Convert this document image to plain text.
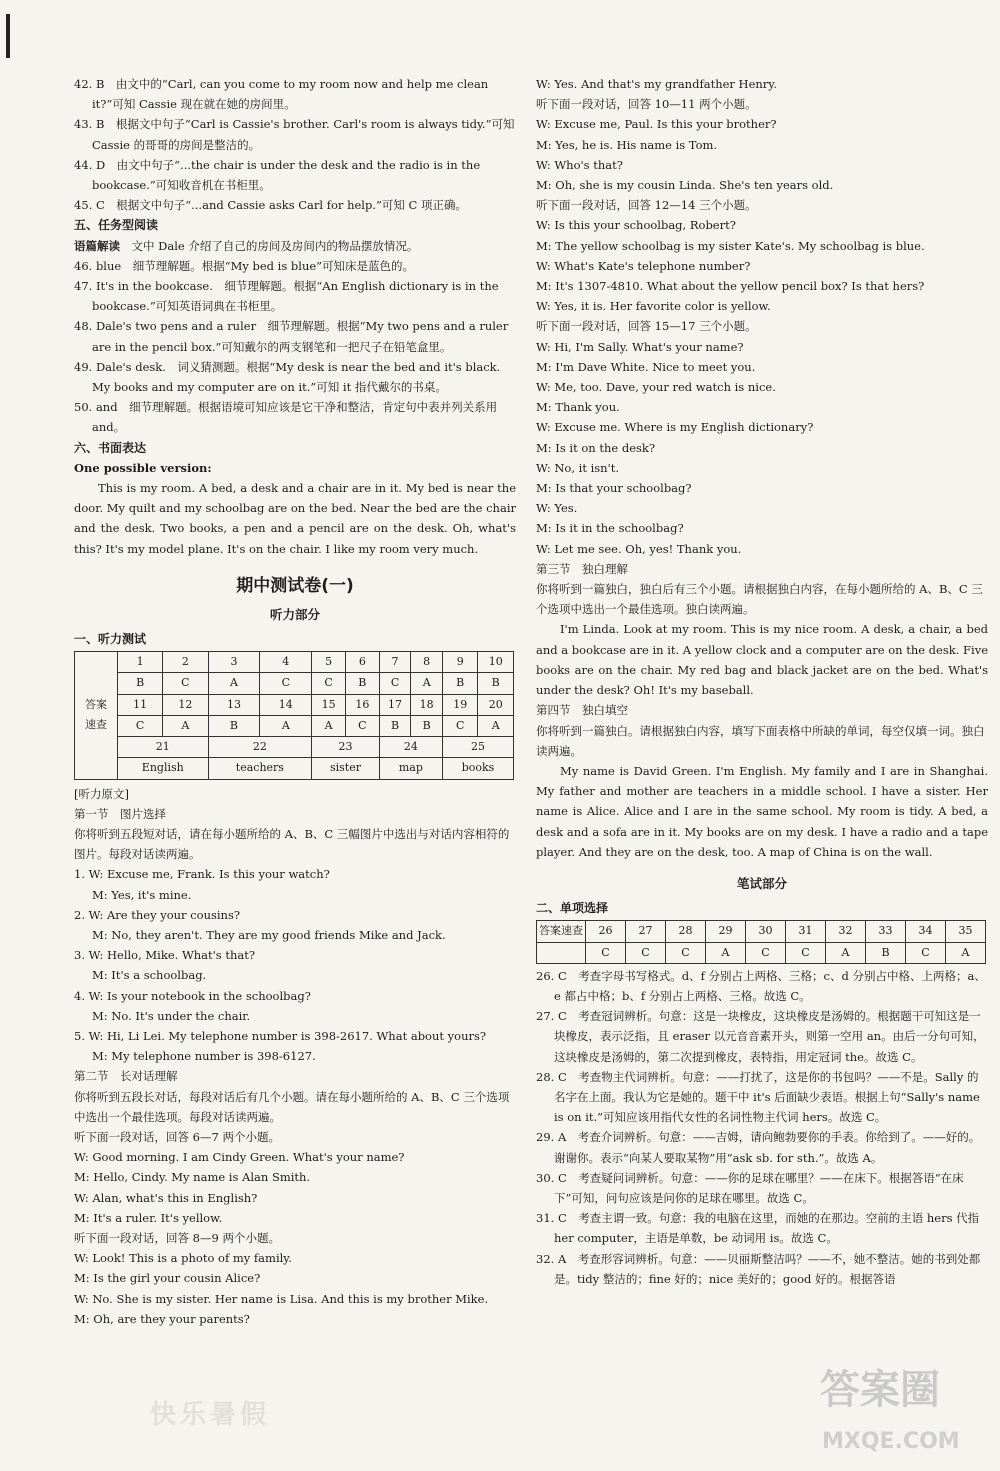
42. B　由文中的“Carl, can you come to my room now and help me clean it?”可知 Cassie 现在就在她的房间里。

43. B　根据文中句子“Carl is Cassie's brother. Carl's room is always tidy.”可知 Cassie 的哥哥的房间是整洁的。

44. D　由文中句子“...the chair is under the desk and the radio is in the bookcase.”可知收音机在书柜里。

45. C　根据文中句子“...and Cassie asks Carl for help.”可知 C 项正确。

五、任务型阅读

语篇解读　 文中 Dale 介绍了自己的房间及房间内的物品摆放情况。

46. blue　细节理解题。根据“My bed is blue”可知床是蓝色的。

47. It's in the bookcase.　细节理解题。根据“An English dictionary is in the bookcase.”可知英语词典在书柜里。

48. Dale's two pens and a ruler　细节理解题。根据“My two pens and a ruler are in the pencil box.”可知戴尔的两支钢笔和一把尺子在铅笔盒里。

49. Dale's desk.　词义猜测题。根据“My desk is near the bed and it's black. My books and my computer are on it.”可知 it 指代戴尔的书桌。

50. and　细节理解题。根据语境可知应该是它干净和整洁，肯定句中表并列关系用 and。

六、书面表达

One possible version:

This is my room. A bed, a desk and a chair are in it. My bed is near the door. My quilt and my schoolbag are on the bed. Near the bed are the chair and the desk. Two books, a pen and a pencil are on the desk. Oh, what's this? It's my model plane. It's on the chair. I like my room very much.

期中测试卷(一)
听力部分

一、听力测试

答案速查	1	2	3	4	5	6	7	8	9	10
	B	C	A	C	C	B	C	A	B	B
	11	12	13	14	15	16	17	18	19	20
	C	A	B	A	A	C	B	B	C	A
	21		22		23		24		25	
	English		teachers		sister		map		books	

[听力原文]

第一节　图片选择

你将听到五段短对话，请在每小题所给的 A、B、C 三幅图片中选出与对话内容相符的图片。每段对话读两遍。

1. W: Excuse me, Frank. Is this your watch?

M: Yes, it's mine.

2. W: Are they your cousins?

M: No, they aren't. They are my good friends Mike and Jack.

3. W: Hello, Mike. What's that?

M: It's a schoolbag.

4. W: Is your notebook in the schoolbag?

M: No. It's under the chair.

5. W: Hi, Li Lei. My telephone number is 398-2617. What about yours?

M: My telephone number is 398-6127.

第二节　长对话理解

你将听到五段长对话，每段对话后有几个小题。请在每小题所给的 A、B、C 三个选项中选出一个最佳选项。每段对话读两遍。

听下面一段对话，回答 6—7 两个小题。

W: Good morning. I am Cindy Green. What's your name?

M: Hello, Cindy. My name is Alan Smith.

W: Alan, what's this in English?

M: It's a ruler. It's yellow.

听下面一段对话，回答 8—9 两个小题。

W: Look! This is a photo of my family.

M: Is the girl your cousin Alice?

W: No. She is my sister. Her name is Lisa. And this is my brother Mike.

M: Oh, are they your parents?

W: Yes. And that's my grandfather Henry.

听下面一段对话，回答 10—11 两个小题。

W: Excuse me, Paul. Is this your brother?

M: Yes, he is. His name is Tom.

W: Who's that?

M: Oh, she is my cousin Linda. She's ten years old.

听下面一段对话，回答 12—14 三个小题。

W: Is this your schoolbag, Robert?

M: The yellow schoolbag is my sister Kate's. My schoolbag is blue.

W: What's Kate's telephone number?

M: It's 1307-4810. What about the yellow pencil box? Is that hers?

W: Yes, it is. Her favorite color is yellow.

听下面一段对话，回答 15—17 三个小题。

W: Hi, I'm Sally. What's your name?

M: I'm Dave White. Nice to meet you.

W: Me, too. Dave, your red watch is nice.

M: Thank you.

W: Excuse me. Where is my English dictionary?

M: Is it on the desk?

W: No, it isn't.

M: Is that your schoolbag?

W: Yes.

M: Is it in the schoolbag?

W: Let me see. Oh, yes! Thank you.

第三节　独白理解

你将听到一篇独白，独白后有三个小题。请根据独白内容，在每小题所给的 A、B、C 三个选项中选出一个最佳选项。独白读两遍。

I'm Linda. Look at my room. This is my nice room. A desk, a chair, a bed and a bookcase are in it. A yellow clock and a computer are on the desk. Five books are on the chair. My red bag and black jacket are on the bed. What's under the desk? Oh! It's my baseball.

第四节　独白填空

你将听到一篇独白。请根据独白内容，填写下面表格中所缺的单词，每空仅填一词。独白读两遍。

My name is David Green. I'm English. My family and I are in Shanghai. My father and mother are teachers in a middle school. I have a sister. Her name is Alice. Alice and I are in the same school. My room is tidy. A bed, a desk and a sofa are in it. My books are on my desk. I have a radio and a tape player. And they are on the desk, too. A map of China is on the wall.

笔试部分

二、单项选择

答案速查	26	27	28	29	30	31	32	33	34	35
	C	C	C	A	C	C	A	B	C	A

26. C　考查字母书写格式。d、f 分别占上两格、三格；c、d 分别占中格、上两格；a、e 都占中格；b、f 分别占上两格、三格。故选 C。

27. C　考查冠词辨析。句意：这是一块橡皮，这块橡皮是汤姆的。根据题干可知这是一块橡皮，表示泛指，且 eraser 以元音音素开头，则第一空用 an。由后一分句可知，这块橡皮是汤姆的，第二次提到橡皮，表特指，用定冠词 the。故选 C。

28. C　考查物主代词辨析。句意：——打扰了，这是你的书包吗？——不是。Sally 的名字在上面。我认为它是她的。题干中 it's 后面缺少表语。根据上句“Sally's name is on it.”可知应该用指代女性的名词性物主代词 hers。故选 C。

29. A　考查介词辨析。句意：——吉姆，请向鲍勃要你的手表。你给到了。——好的。谢谢你。表示“向某人要取某物”用“ask sb. for sth.”。故选 A。

30. C　考查疑问词辨析。句意：——你的足球在哪里？——在床下。根据答语“在床下”可知，问句应该是问你的足球在哪里。故选 C。

31. C　考查主谓一致。句意：我的电脑在这里，而她的在那边。空前的主语 hers 代指 her computer，主语是单数，be 动词用 is。故选 C。

32. A　考查形容词辨析。句意：——贝丽斯整洁吗？——不，她不整洁。她的书到处都是。tidy 整洁的；fine 好的；nice 美好的；good 好的。根据答语

快乐暑假
答案圈
MXQE.COM
